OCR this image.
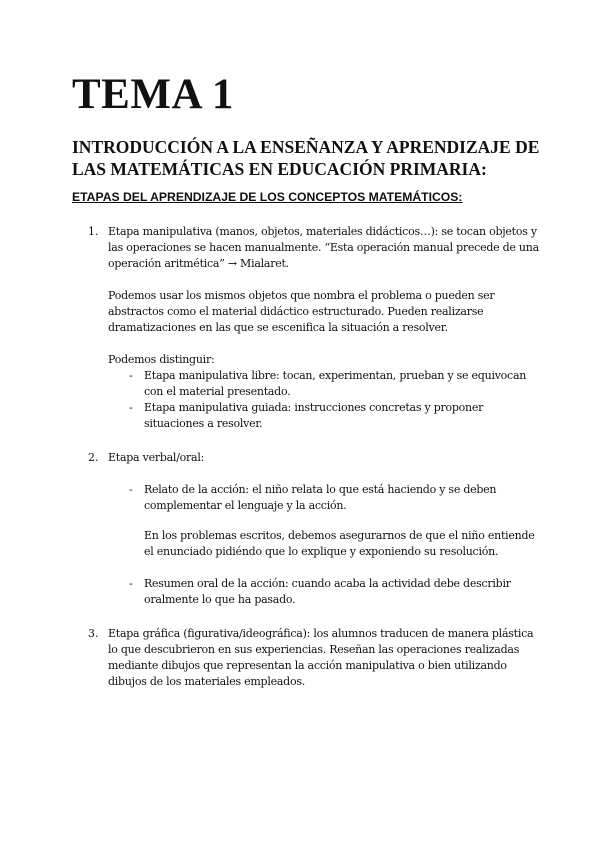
TEMA 1
INTRODUCCIÓN A LA ENSEÑANZA Y APRENDIZAJE DE LAS MATEMÁTICAS EN EDUCACIÓN PRIMARIA:
ETAPAS DEL APRENDIZAJE DE LOS CONCEPTOS MATEMÁTICOS:
1. Etapa manipulativa (manos, objetos, materiales didácticos…): se tocan objetos y las operaciones se hacen manualmente. “Esta operación manual precede de una operación aritmética” → Mialaret.

Podemos usar los mismos objetos que nombra el problema o pueden ser abstractos como el material didáctico estructurado. Pueden realizarse dramatizaciones en las que se escenifica la situación a resolver.

Podemos distinguir:

- Etapa manipulativa libre: tocan, experimentan, prueban y se equivocan con el material presentado.

- Etapa manipulativa guiada: instrucciones concretas y proponer situaciones a resolver.

2. Etapa verbal/oral:

- Relato de la acción: el niño relata lo que está haciendo y se deben complementar el lenguaje y la acción.

En los problemas escritos, debemos asegurarnos de que el niño entiende el enunciado pidiéndo que lo explique y exponiendo su resolución.

- Resumen oral de la acción: cuando acaba la actividad debe describir oralmente lo que ha pasado.

3. Etapa gráfica (figurativa/ideográfica): los alumnos traducen de manera plástica lo que descubrieron en sus experiencias. Reseñan las operaciones realizadas mediante dibujos que representan la acción manipulativa o bien utilizando dibujos de los materiales empleados.
